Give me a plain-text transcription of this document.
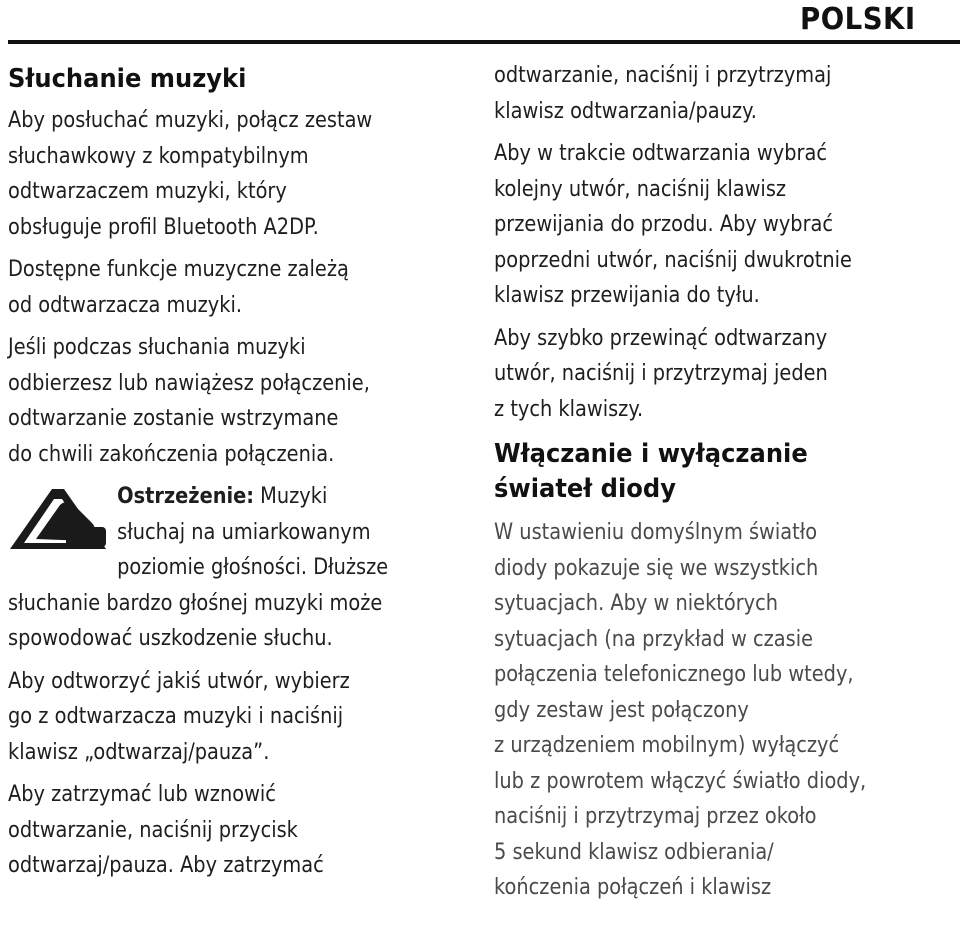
POLSKI
Słuchanie muzyki
Aby posłuchać muzyki, połącz zestaw
słuchawkowy z kompatybilnym
odtwarzaczem muzyki, który
obsługuje profil Bluetooth A2DP.
Dostępne funkcje muzyczne zależą
od odtwarzacza muzyki.
Jeśli podczas słuchania muzyki
odbierzesz lub nawiążesz połączenie,
odtwarzanie zostanie wstrzymane
do chwili zakończenia połączenia.
Ostrzeżenie: Muzyki
słuchaj na umiarkowanym
poziomie głośności. Dłuższe
słuchanie bardzo głośnej muzyki może
spowodować uszkodzenie słuchu.
Aby odtworzyć jakiś utwór, wybierz
go z odtwarzacza muzyki i naciśnij
klawisz „odtwarzaj/pauza”.
Aby zatrzymać lub wznowić
odtwarzanie, naciśnij przycisk
odtwarzaj/pauza. Aby zatrzymać
odtwarzanie, naciśnij i przytrzymaj
klawisz odtwarzania/pauzy.
Aby w trakcie odtwarzania wybrać
kolejny utwór, naciśnij klawisz
przewijania do przodu. Aby wybrać
poprzedni utwór, naciśnij dwukrotnie
klawisz przewijania do tyłu.
Aby szybko przewinąć odtwarzany
utwór, naciśnij i przytrzymaj jeden
z tych klawiszy.
Włączanie i wyłączanie
świateł diody
W ustawieniu domyślnym światło
diody pokazuje się we wszystkich
sytuacjach. Aby w niektórych
sytuacjach (na przykład w czasie
połączenia telefonicznego lub wtedy,
gdy zestaw jest połączony
z urządzeniem mobilnym) wyłączyć
lub z powrotem włączyć światło diody,
naciśnij i przytrzymaj przez około
5 sekund klawisz odbierania/
kończenia połączeń i klawisz
